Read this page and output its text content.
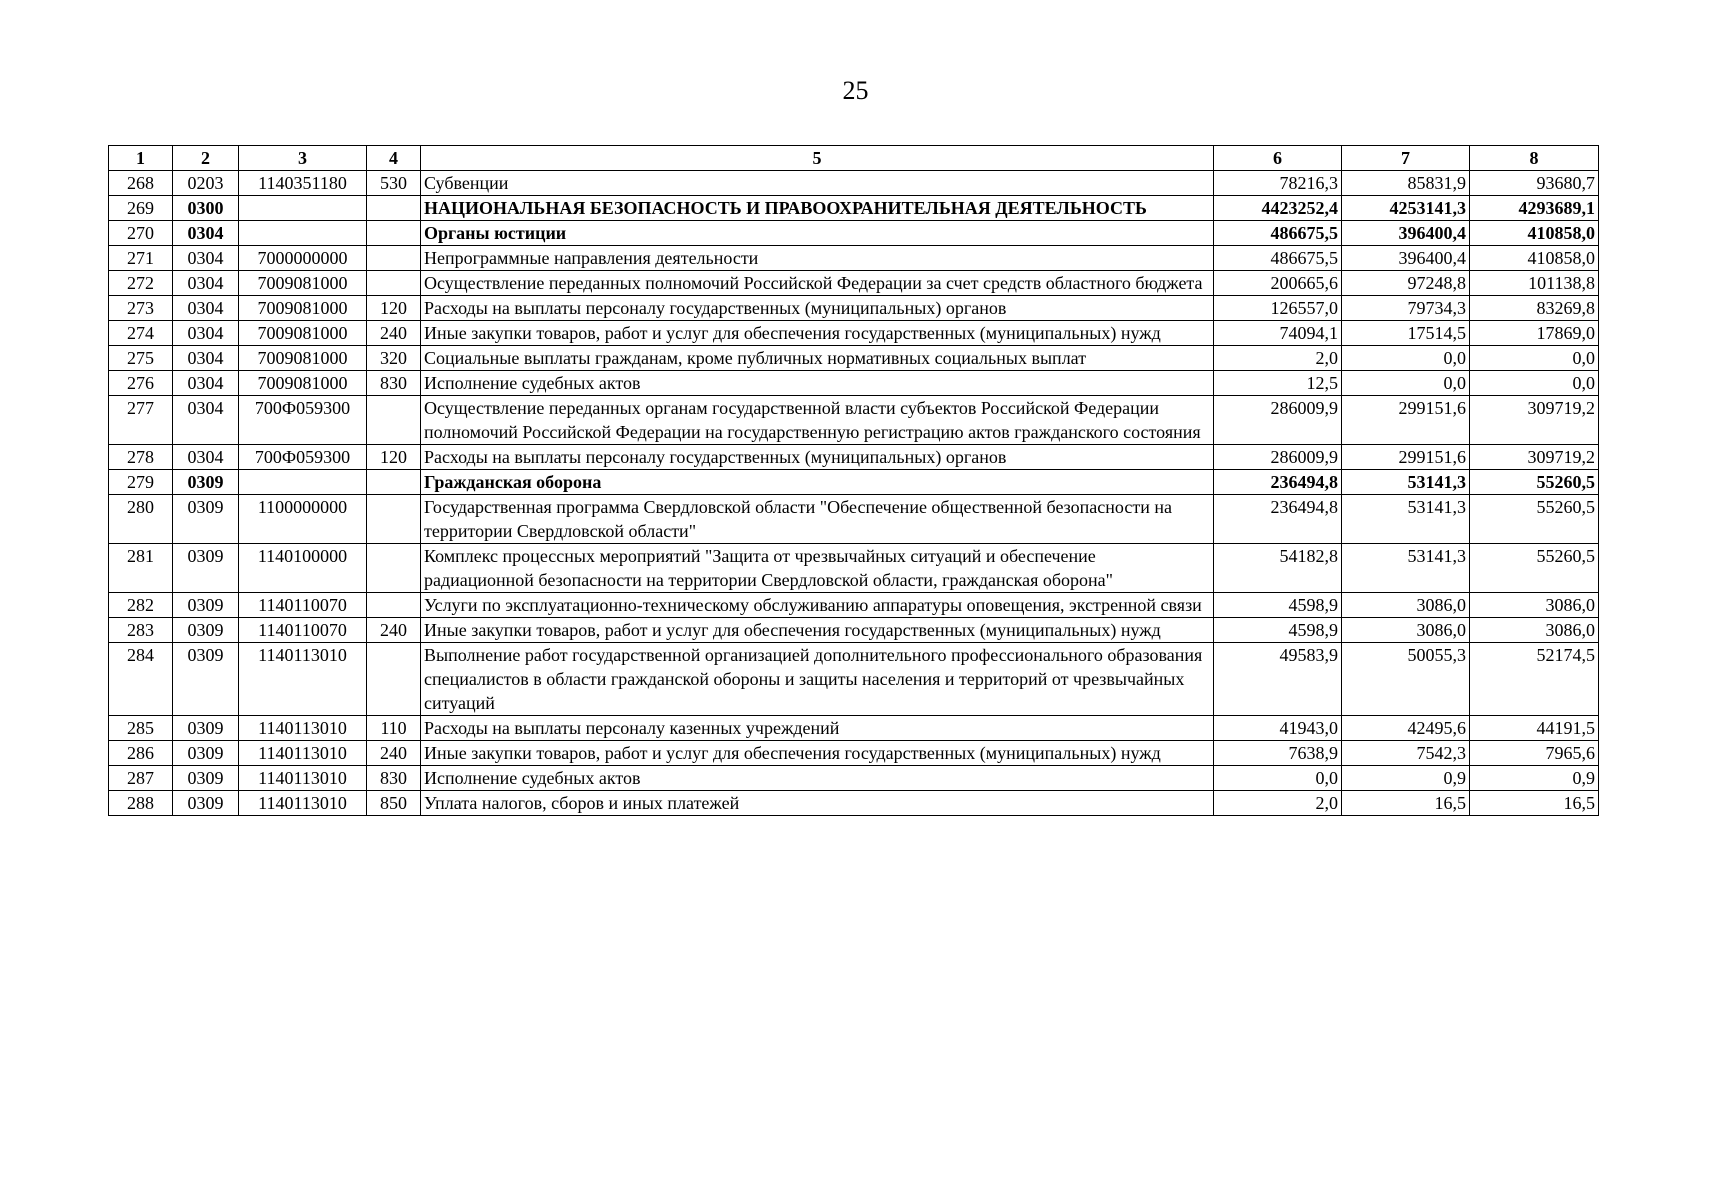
25
1	2	3	4	5	6	7	8
268	0203	1140351180	530	Субвенции	78216,3	85831,9	93680,7
269	0300			НАЦИОНАЛЬНАЯ БЕЗОПАСНОСТЬ И ПРАВООХРАНИТЕЛЬНАЯ ДЕЯТЕЛЬНОСТЬ	4423252,4	4253141,3	4293689,1
270	0304			Органы юстиции	486675,5	396400,4	410858,0
271	0304	7000000000		Непрограммные направления деятельности	486675,5	396400,4	410858,0
272	0304	7009081000		Осуществление переданных полномочий Российской Федерации за счет средств областного бюджета	200665,6	97248,8	101138,8
273	0304	7009081000	120	Расходы на выплаты персоналу государственных (муниципальных) органов	126557,0	79734,3	83269,8
274	0304	7009081000	240	Иные закупки товаров, работ и услуг для обеспечения государственных (муниципальных) нужд	74094,1	17514,5	17869,0
275	0304	7009081000	320	Социальные выплаты гражданам, кроме публичных нормативных социальных выплат	2,0	0,0	0,0
276	0304	7009081000	830	Исполнение судебных актов	12,5	0,0	0,0
277	0304	700Ф059300		Осуществление переданных органам государственной власти субъектов Российской Федерации полномочий Российской Федерации на государственную регистрацию актов гражданского состояния	286009,9	299151,6	309719,2
278	0304	700Ф059300	120	Расходы на выплаты персоналу государственных (муниципальных) органов	286009,9	299151,6	309719,2
279	0309			Гражданская оборона	236494,8	53141,3	55260,5
280	0309	1100000000		Государственная программа Свердловской области "Обеспечение общественной безопасности на территории Свердловской области"	236494,8	53141,3	55260,5
281	0309	1140100000		Комплекс процессных мероприятий "Защита от чрезвычайных ситуаций и обеспечение радиационной безопасности на территории Свердловской области, гражданская оборона"	54182,8	53141,3	55260,5
282	0309	1140110070		Услуги по эксплуатационно-техническому обслуживанию аппаратуры оповещения, экстренной связи	4598,9	3086,0	3086,0
283	0309	1140110070	240	Иные закупки товаров, работ и услуг для обеспечения государственных (муниципальных) нужд	4598,9	3086,0	3086,0
284	0309	1140113010		Выполнение работ государственной организацией дополнительного профессионального образования специалистов в области гражданской обороны и защиты населения и территорий от чрезвычайных ситуаций	49583,9	50055,3	52174,5
285	0309	1140113010	110	Расходы на выплаты персоналу казенных учреждений	41943,0	42495,6	44191,5
286	0309	1140113010	240	Иные закупки товаров, работ и услуг для обеспечения государственных (муниципальных) нужд	7638,9	7542,3	7965,6
287	0309	1140113010	830	Исполнение судебных актов	0,0	0,9	0,9
288	0309	1140113010	850	Уплата налогов, сборов и иных платежей	2,0	16,5	16,5
